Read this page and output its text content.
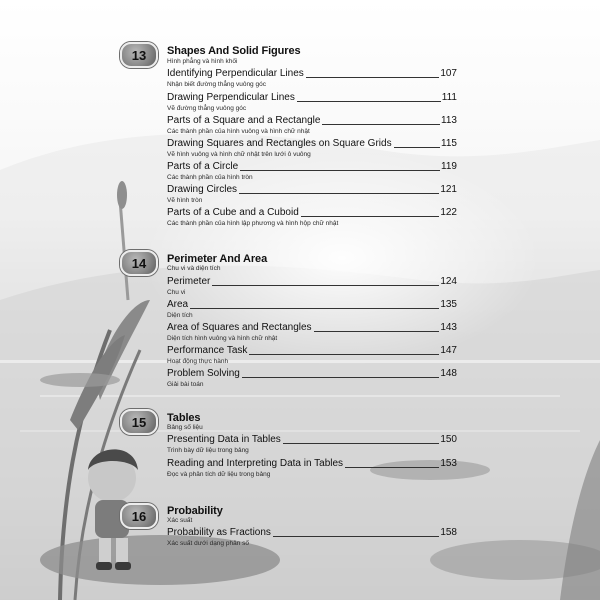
13	Shapes And Solid Figures
Hình phẳng và hình khối
Identifying Perpendicular Lines	107
Nhận biết đường thẳng vuông góc
Drawing Perpendicular Lines	111
Vẽ đường thẳng vuông góc
Parts of a Square and a Rectangle	113
Các thành phần của hình vuông và hình chữ nhật
Drawing Squares and Rectangles on Square Grids	115
Vẽ hình vuông và hình chữ nhật trên lưới ô vuông
Parts of a Circle	119
Các thành phần của hình tròn
Drawing Circles	121
Vẽ hình tròn
Parts of a Cube and a Cuboid	122
Các thành phần của hình lập phương và hình hộp chữ nhật
14	Perimeter And Area
Chu vi và diện tích
Perimeter	124
Chu vi
Area	135
Diện tích
Area of Squares and Rectangles	143
Diện tích hình vuông và hình chữ nhật
Performance Task	147
Hoạt động thực hành
Problem Solving	148
Giải bài toán
15	Tables
Bảng số liệu
Presenting Data in Tables	150
Trình bày dữ liệu trong bảng
Reading and Interpreting Data in Tables	153
Đọc và phân tích dữ liệu trong bảng
16	Probability
Xác suất
Probability as Fractions	158
Xác suất dưới dạng phân số
